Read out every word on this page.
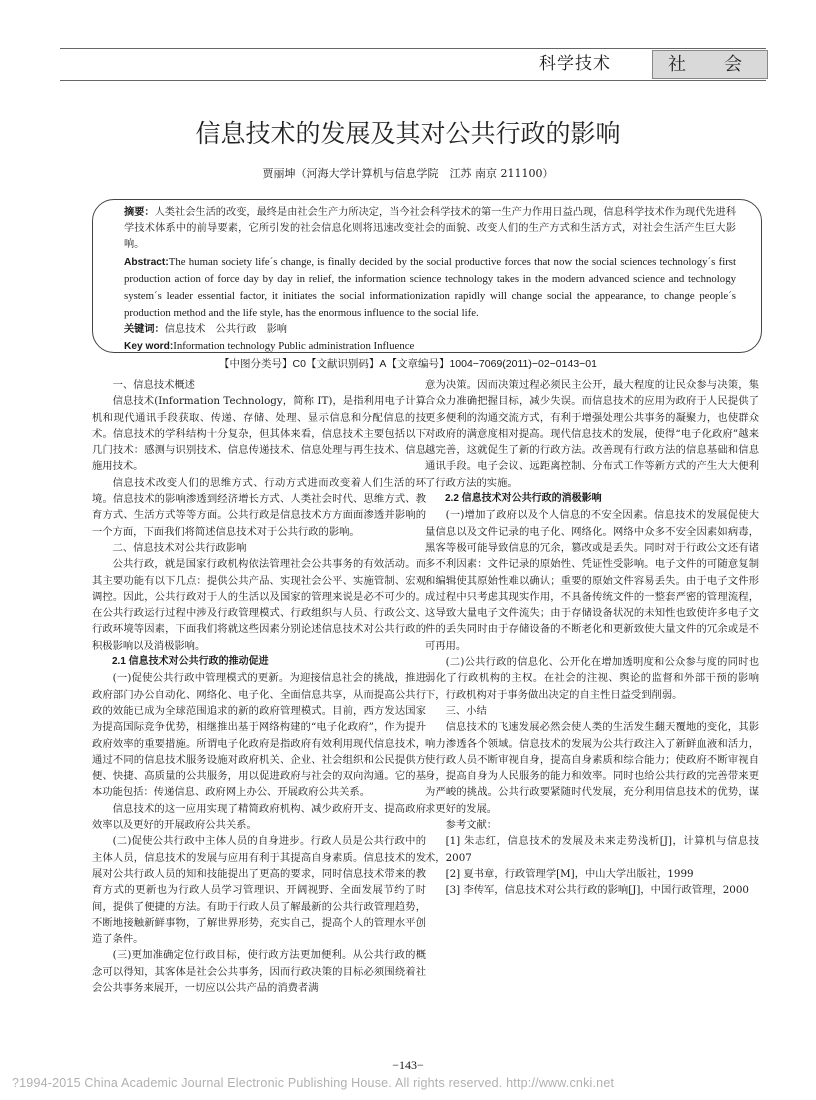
科学技术	社　会
信息技术的发展及其对公共行政的影响
贾丽坤（河海大学计算机与信息学院　江苏 南京 211100）

摘要：人类社会生活的改变，最终是由社会生产力所决定，当今社会科学技术的第一生产力作用日益凸现，信息科学技术作为现代先进科学技术体系中的前导要素，它所引发的社会信息化则将迅速改变社会的面貌、改变人们的生产方式和生活方式，对社会生活产生巨大影响。

Abstract:The human society life´s change, is finally decided by the social productive forces that now the social sciences technology´s first production action of force day by day in relief, the information science technology takes in the modern advanced science and technology system´s leader essential factor, it initiates the social informationization rapidly will change social the appearance, to change people´s production method and the life style, has the enormous influence to the social life.

关键词：信息技术　公共行政　影响

Key word:Information technology Public administration Influence

【中图分类号】C0【文献识别码】A【文章编号】1004−7069(2011)−02−0143−01

一、信息技术概述

信息技术(Information Technology，简称 IT)，是指利用电子计算机和现代通讯手段获取、传递、存储、处理、显示信息和分配信息的技术。信息技术的学科结构十分复杂，但其体来看，信息技术主要包括以下几门技术：感测与识别技术、信息传递技术、信息处理与再生技术、信息施用技术。

信息技术改变人们的思维方式、行动方式进而改变着人们生活的环境。信息技术的影响渗透到经济增长方式、人类社会时代、思维方式、教育方式、生活方式等等方面。公共行政是信息技术方方面面渗透并影响的一个方面，下面我们将简述信息技术对于公共行政的影响。

二、信息技术对公共行政影响

公共行政，就是国家行政机构依法管理社会公共事务的有效活动。而其主要功能有以下几点：提供公共产品、实现社会公平、实施管制、宏观调控。因此，公共行政对于人的生活以及国家的管理来说是必不可少的。在公共行政运行过程中涉及行政管理模式、行政组织与人员、行政公文、行政环境等因素，下面我们将就这些因素分别论述信息技术对公共行政的积极影响以及消极影响。

2.1 信息技术对公共行政的推动促进

(一)促使公共行政中管理模式的更新。为迎接信息社会的挑战，推进政府部门办公自动化、网络化、电子化、全面信息共享，从而提高公共行政的效能已成为全球范围追求的新的政府管理模式。目前，西方发达国家为提高国际竞争优势，相继推出基于网络构建的“电子化政府”，作为提升政府效率的重要措施。所谓电子化政府是指政府有效利用现代信息技术，通过不同的信息技术服务设施对政府机关、企业、社会组织和公民提供方便、快捷、高质量的公共服务，用以促进政府与社会的双向沟通。它的基本功能包括：传递信息、政府网上办公、开展政府公共关系。

信息技术的这一应用实现了精简政府机构、减少政府开支、提高政府效率以及更好的开展政府公共关系。

(二)促使公共行政中主体人员的自身进步。行政人员是公共行政中的主体人员，信息技术的发展与应用有利于其提高自身素质。信息技术的发展对公共行政人员的知和技能提出了更高的要求，同时信息技术带来的教育方式的更新也为行政人员学习管理识、开阔视野、全面发展节约了时间，提供了便捷的方法。有助于行政人员了解最新的公共行政管理趋势，不断地接触新鲜事物，了解世界形势，充实自己，提高个人的管理水平创造了条件。

(三)更加准确定位行政目标，使行政方法更加便利。从公共行政的概念可以得知，其客体是社会公共事务，因而行政决策的目标必须围绕着社会公共事务来展开，一切应以公共产品的消费者满

意为决策。因而决策过程必须民主公开，最大程度的让民众参与决策，集合众力准确把握目标，减少失误。而信息技术的应用为政府于人民提供了更多便利的沟通交流方式，有利于增强处理公共事务的凝聚力，也使群众对政府的满意度相对提高。现代信息技术的发展，使得“电子化政府”越来越完善，这就促生了新的行政方法。改善现有行政方法的信息基础和信息通讯手段。电子会议、远距离控制、分布式工作等新方式的产生大大便利了行政方法的实施。

2.2 信息技术对公共行政的消极影响

(一)增加了政府以及个人信息的不安全因素。信息技术的发展促使大量信息以及文件记录的电子化、网络化。网络中众多不安全因素如病毒，黑客等极可能导致信息的冗余，篡改或是丢失。同时对于行政公文还有诸多不利因素：文件记录的原始性、凭证性受影响。电子文件的可随意复制和编辑使其原始性难以确认；重要的原始文件容易丢失。由于电子文件形成过程中只考虑其现实作用，不具备传统文件的一整套严密的管理流程，这导致大量电子文件流失；由于存储设备状况的未知性也致使许多电子文件的丢失同时由于存储设备的不断老化和更新致使大量文件的冗余或是不可再用。

(二)公共行政的信息化、公开化在增加透明度和公众参与度的同时也弱化了行政机构的主权。在社会的注视、舆论的监督和外部干预的影响下，行政机构对于事务做出决定的自主性日益受到削弱。

三、小结

信息技术的飞速发展必然会使人类的生活发生翻天覆地的变化，其影响力渗透各个领域。信息技术的发展为公共行政注入了新鲜血液和活力，使行政人员不断审视自身，提高自身素质和综合能力；使政府不断审视自身，提高自身为人民服务的能力和效率。同时也给公共行政的完善带来更为严峻的挑战。公共行政要紧随时代发展，充分利用信息技术的优势，谋求更好的发展。

参考文献：

[1] 朱志红，信息技术的发展及未来走势浅析[J]，计算机与信息技术，2007

[2] 夏书章，行政管理学[M]，中山大学出版社，1999

[3] 李传军，信息技术对公共行政的影响[J]，中国行政管理，2000

−143−
?1994-2015 China Academic Journal Electronic Publishing House. All rights reserved. http://www.cnki.net
